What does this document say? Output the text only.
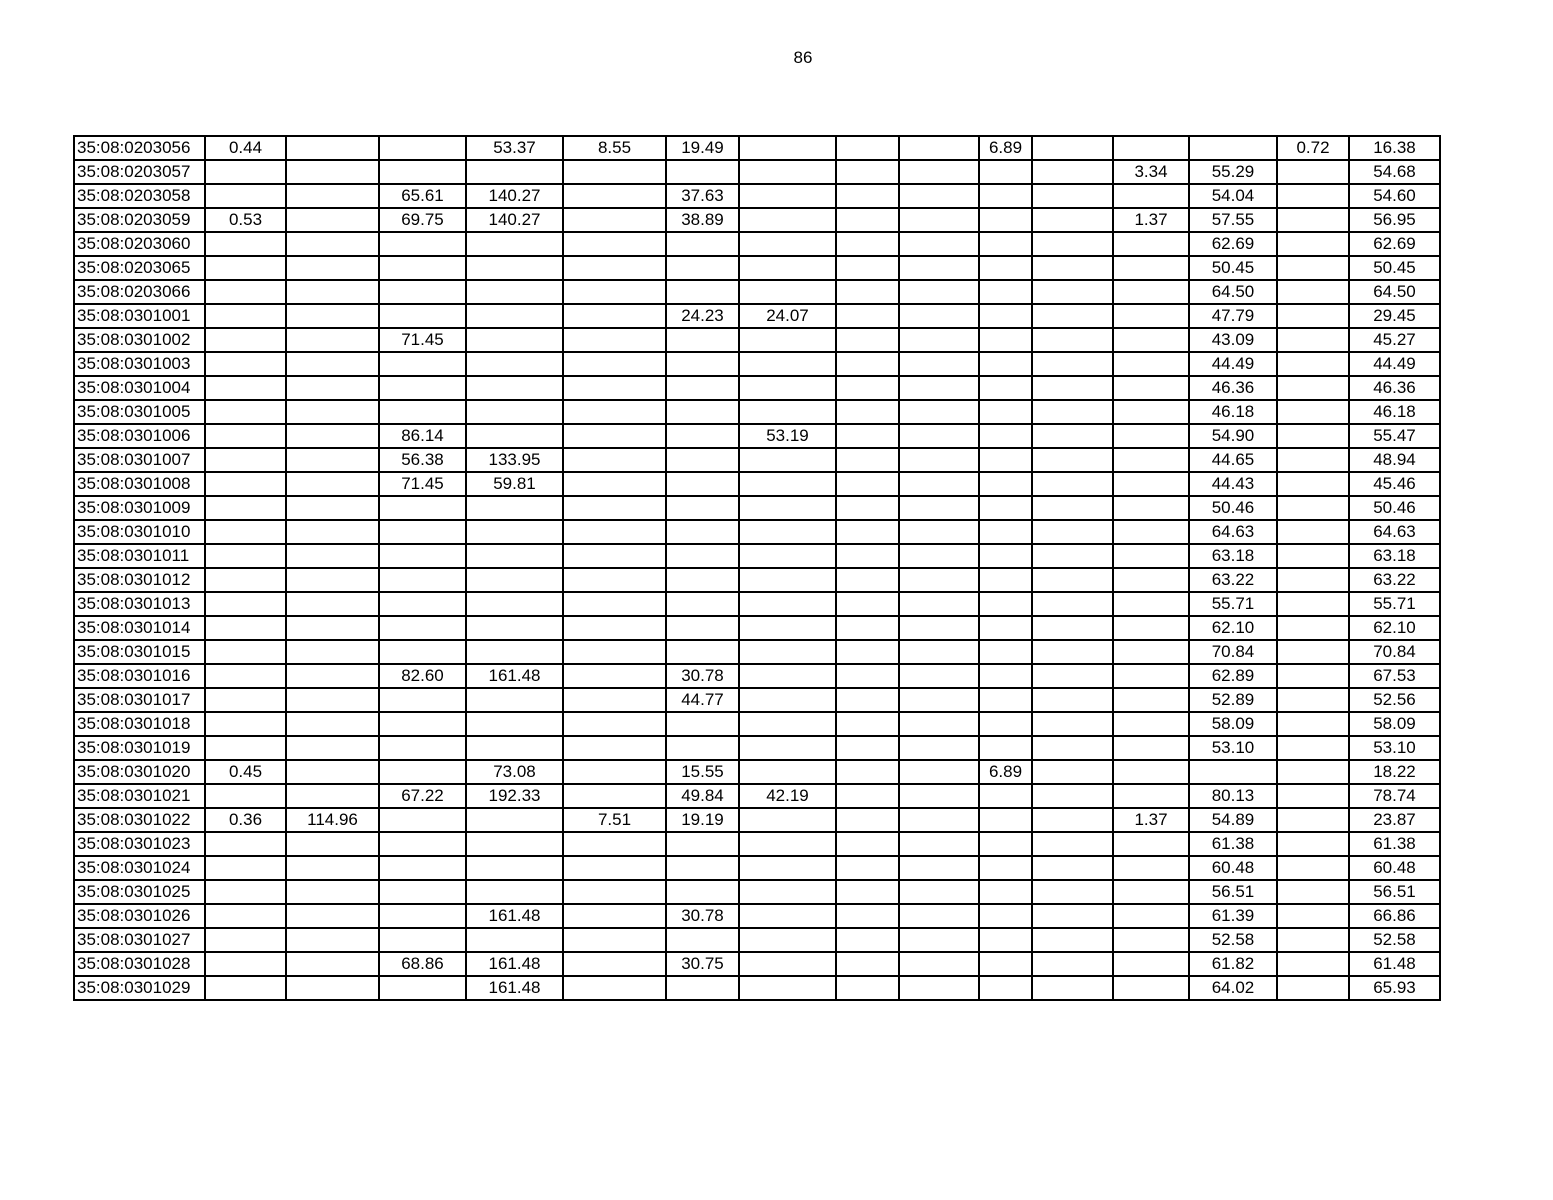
86
35:08:0203056	0.44			53.37	8.55	19.49				6.89				0.72	16.38
35:08:0203057												3.34	55.29		54.68
35:08:0203058			65.61	140.27		37.63							54.04		54.60
35:08:0203059	0.53		69.75	140.27		38.89						1.37	57.55		56.95
35:08:0203060													62.69		62.69
35:08:0203065													50.45		50.45
35:08:0203066													64.50		64.50
35:08:0301001						24.23	24.07						47.79		29.45
35:08:0301002			71.45										43.09		45.27
35:08:0301003													44.49		44.49
35:08:0301004													46.36		46.36
35:08:0301005													46.18		46.18
35:08:0301006			86.14				53.19						54.90		55.47
35:08:0301007			56.38	133.95									44.65		48.94
35:08:0301008			71.45	59.81									44.43		45.46
35:08:0301009													50.46		50.46
35:08:0301010													64.63		64.63
35:08:0301011													63.18		63.18
35:08:0301012													63.22		63.22
35:08:0301013													55.71		55.71
35:08:0301014													62.10		62.10
35:08:0301015													70.84		70.84
35:08:0301016			82.60	161.48		30.78							62.89		67.53
35:08:0301017						44.77							52.89		52.56
35:08:0301018													58.09		58.09
35:08:0301019													53.10		53.10
35:08:0301020	0.45			73.08		15.55				6.89					18.22
35:08:0301021			67.22	192.33		49.84	42.19						80.13		78.74
35:08:0301022	0.36	114.96			7.51	19.19						1.37	54.89		23.87
35:08:0301023													61.38		61.38
35:08:0301024													60.48		60.48
35:08:0301025													56.51		56.51
35:08:0301026				161.48		30.78							61.39		66.86
35:08:0301027													52.58		52.58
35:08:0301028			68.86	161.48		30.75							61.82		61.48
35:08:0301029				161.48									64.02		65.93
